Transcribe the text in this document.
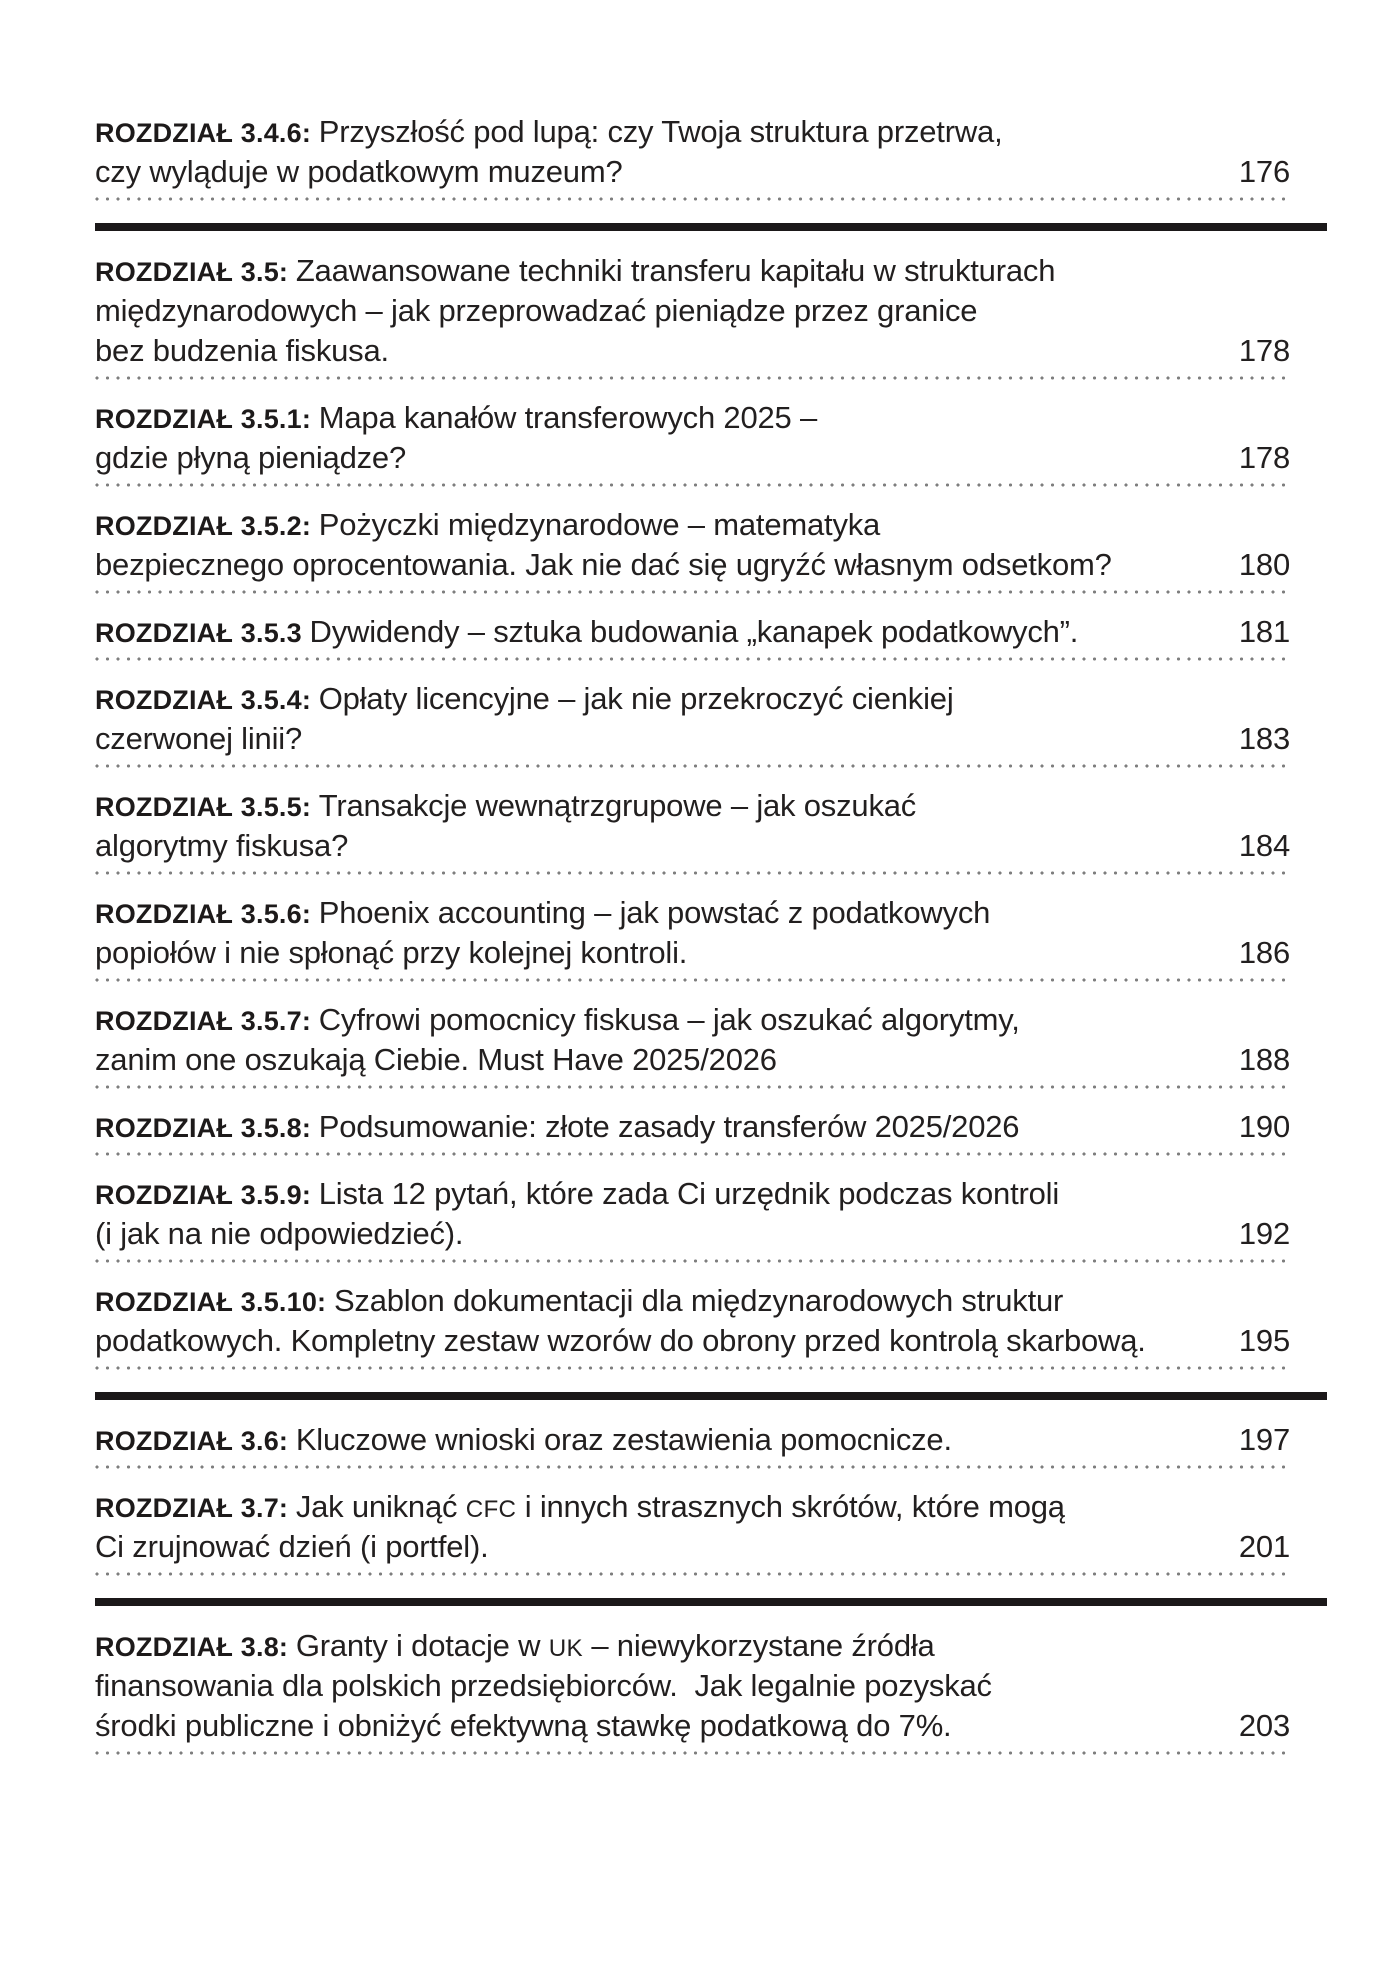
ROZDZIAŁ 3.4.6: Przyszłość pod lupą: czy Twoja struktura przetrwa,
czy wyląduje w podatkowym muzeum?	176
ROZDZIAŁ 3.5: Zaawansowane techniki transferu kapitału w strukturach
międzynarodowych – jak przeprowadzać pieniądze przez granice
bez budzenia fiskusa.	178
ROZDZIAŁ 3.5.1: Mapa kanałów transferowych 2025 –
gdzie płyną pieniądze?	178
ROZDZIAŁ 3.5.2: Pożyczki międzynarodowe – matematyka
bezpiecznego oprocentowania. Jak nie dać się ugryźć własnym odsetkom?	180
ROZDZIAŁ 3.5.3 Dywidendy – sztuka budowania „kanapek podatkowych”.	181
ROZDZIAŁ 3.5.4: Opłaty licencyjne – jak nie przekroczyć cienkiej
czerwonej linii?	183
ROZDZIAŁ 3.5.5: Transakcje wewnątrzgrupowe – jak oszukać
algorytmy fiskusa?	184
ROZDZIAŁ 3.5.6: Phoenix accounting – jak powstać z podatkowych
popiołów i nie spłonąć przy kolejnej kontroli.	186
ROZDZIAŁ 3.5.7: Cyfrowi pomocnicy fiskusa – jak oszukać algorytmy,
zanim one oszukają Ciebie. Must Have 2025/2026	188
ROZDZIAŁ 3.5.8: Podsumowanie: złote zasady transferów 2025/2026	190
ROZDZIAŁ 3.5.9: Lista 12 pytań, które zada Ci urzędnik podczas kontroli
(i jak na nie odpowiedzieć).	192
ROZDZIAŁ 3.5.10: Szablon dokumentacji dla międzynarodowych struktur
podatkowych. Kompletny zestaw wzorów do obrony przed kontrolą skarbową.	195
ROZDZIAŁ 3.6: Kluczowe wnioski oraz zestawienia pomocnicze.	197
ROZDZIAŁ 3.7: Jak uniknąć CFC i innych strasznych skrótów, które mogą
Ci zrujnować dzień (i portfel).	201
ROZDZIAŁ 3.8: Granty i dotacje w UK – niewykorzystane źródła
finansowania dla polskich przedsiębiorców.  Jak legalnie pozyskać
środki publiczne i obniżyć efektywną stawkę podatkową do 7%.	203
